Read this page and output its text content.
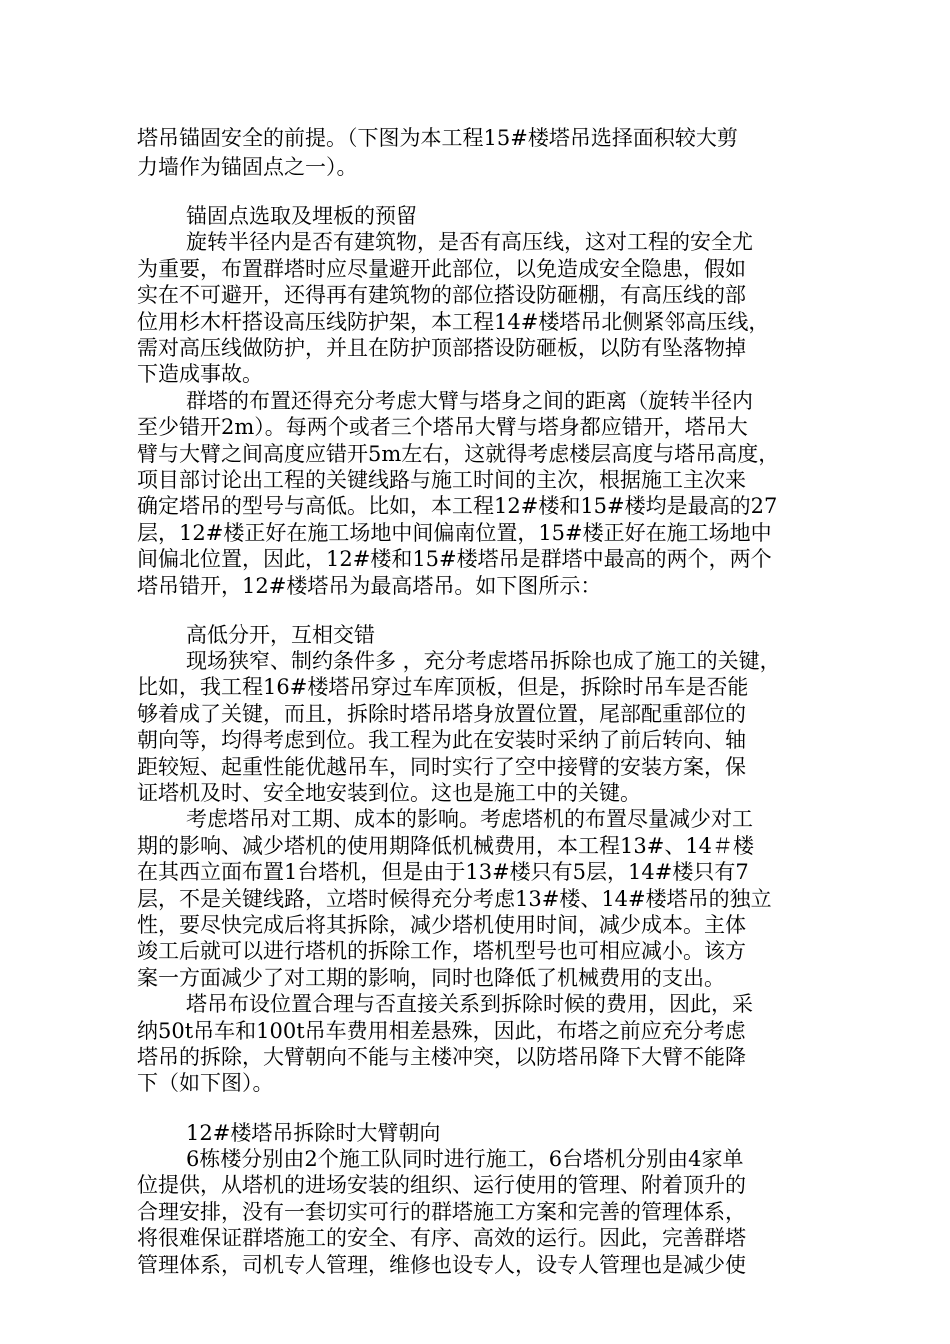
塔吊锚固安全的前提。（下图为本工程15#楼塔吊选择面积较大剪
力墙作为锚固点之一）。
锚固点选取及埋板的预留
旋转半径内是否有建筑物，是否有高压线，这对工程的安全尤
为重要，布置群塔时应尽量避开此部位，以免造成安全隐患，假如
实在不可避开，还得再有建筑物的部位搭设防砸棚，有高压线的部
位用杉木杆搭设高压线防护架，本工程14#楼塔吊北侧紧邻高压线，
需对高压线做防护，并且在防护顶部搭设防砸板，以防有坠落物掉
下造成事故。
群塔的布置还得充分考虑大臂与塔身之间的距离（旋转半径内
至少错开2m）。每两个或者三个塔吊大臂与塔身都应错开，塔吊大
臂与大臂之间高度应错开5m左右，这就得考虑楼层高度与塔吊高度，
项目部讨论出工程的关键线路与施工时间的主次，根据施工主次来
确定塔吊的型号与高低。比如，本工程12#楼和15#楼均是最高的27
层，12#楼正好在施工场地中间偏南位置，15#楼正好在施工场地中
间偏北位置，因此，12#楼和15#楼塔吊是群塔中最高的两个，两个
塔吊错开，12#楼塔吊为最高塔吊。如下图所示：
高低分开，互相交错
现场狭窄、制约条件多 ，充分考虑塔吊拆除也成了施工的关键，
比如，我工程16#楼塔吊穿过车库顶板，但是，拆除时吊车是否能
够着成了关键，而且，拆除时塔吊塔身放置位置，尾部配重部位的
朝向等，均得考虑到位。我工程为此在安装时采纳了前后转向、轴
距较短、起重性能优越吊车，同时实行了空中接臂的安装方案，保
证塔机及时、安全地安装到位。这也是施工中的关键。
考虑塔吊对工期、成本的影响。考虑塔机的布置尽量减少对工
期的影响、减少塔机的使用期降低机械费用，本工程13#、14＃楼
在其西立面布置1台塔机，但是由于13#楼只有5层，14#楼只有7
层，不是关键线路，立塔时候得充分考虑13#楼、14#楼塔吊的独立
性，要尽快完成后将其拆除，减少塔机使用时间，减少成本。主体
竣工后就可以进行塔机的拆除工作，塔机型号也可相应减小。该方
案一方面减少了对工期的影响，同时也降低了机械费用的支出。
塔吊布设位置合理与否直接关系到拆除时候的费用，因此，采
纳50t吊车和100t吊车费用相差悬殊，因此，布塔之前应充分考虑
塔吊的拆除，大臂朝向不能与主楼冲突，以防塔吊降下大臂不能降
下（如下图）。
12#楼塔吊拆除时大臂朝向
6栋楼分别由2个施工队同时进行施工，6台塔机分别由4家单
位提供，从塔机的进场安装的组织、运行使用的管理、附着顶升的
合理安排，没有一套切实可行的群塔施工方案和完善的管理体系，
将很难保证群塔施工的安全、有序、高效的运行。因此，完善群塔
管理体系，司机专人管理，维修也设专人，设专人管理也是减少使
